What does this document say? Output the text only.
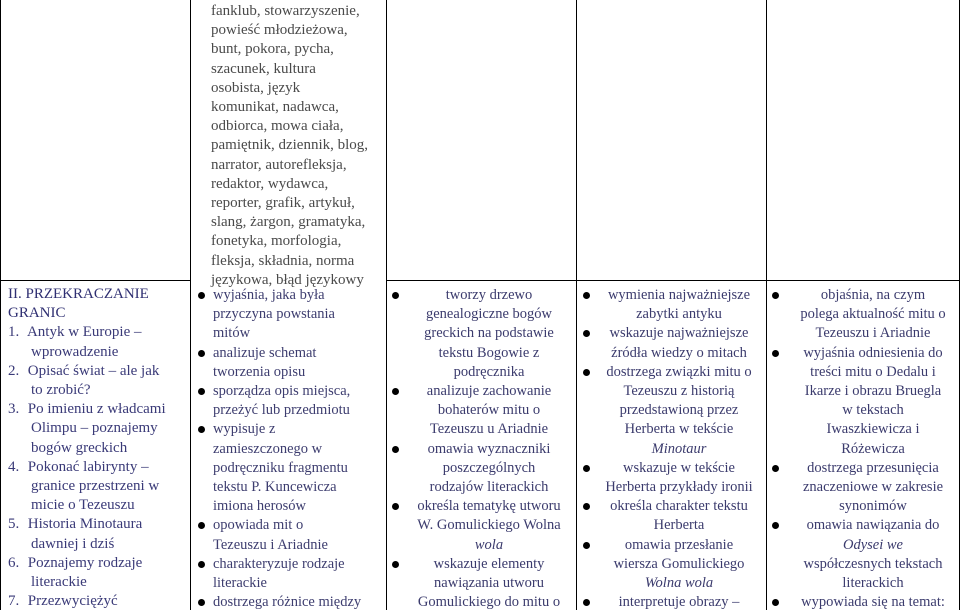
fanklub, stowarzyszenie,
powieść młodzieżowa,
bunt, pokora, pycha,
szacunek, kultura
osobista, język
komunikat, nadawca,
odbiorca, mowa ciała,
pamiętnik, dziennik, blog,
narrator, autorefleksja,
redaktor, wydawca,
reporter, grafik, artykuł,
slang, żargon, gramatyka,
fonetyka, morfologia,
fleksja, składnia, norma
językowa, błąd językowy
II. PRZEKRACZANIE
GRANIC
1. Antyk w Europie –
wprowadzenie
2. Opisać świat – ale jak
to zrobić?
3. Po imieniu z władcami
Olimpu – poznajemy
bogów greckich
4. Pokonać labirynty –
granice przestrzeni w
micie o Tezeuszu
5. Historia Minotaura
dawniej i dziś
6. Poznajemy rodzaje
literackie
7. Przezwyciężyć
wyjaśnia, jaka była
przyczyna powstania
mitów
analizuje schemat
tworzenia opisu
sporządza opis miejsca,
przeżyć lub przedmiotu
wypisuje z
zamieszczonego w
podręczniku fragmentu
tekstu P. Kuncewicza
imiona herosów
opowiada mit o
Tezeuszu i Ariadnie
charakteryzuje rodzaje
literackie
dostrzega różnice między
tworzy drzewo
genealogiczne bogów
greckich na podstawie
tekstu Bogowie z
podręcznika
analizuje zachowanie
bohaterów mitu o
Tezeuszu u Ariadnie
omawia wyznaczniki
poszczególnych
rodzajów literackich
określa tematykę utworu
W. Gomulickiego Wolna
wola
wskazuje elementy
nawiązania utworu
Gomulickiego do mitu o
wymienia najważniejsze
zabytki antyku
wskazuje najważniejsze
źródła wiedzy o mitach
dostrzega związki mitu o
Tezeuszu z historią
przedstawioną przez
Herberta w tekście
Minotaur
wskazuje w tekście
Herberta przykłady ironii
określa charakter tekstu
Herberta
omawia przesłanie
wiersza Gomulickiego
Wolna wola
interpretuje obrazy –
objaśnia, na czym
polega aktualność mitu o
Tezeuszu i Ariadnie
wyjaśnia odniesienia do
treści mitu o Dedalu i
Ikarze i obrazu Bruegla
w tekstach
Iwaszkiewicza i
Różewicza
dostrzega przesunięcia
znaczeniowe w zakresie
synonimów
omawia nawiązania do
Odysei we
współczesnych tekstach
literackich
wypowiada się na temat:
